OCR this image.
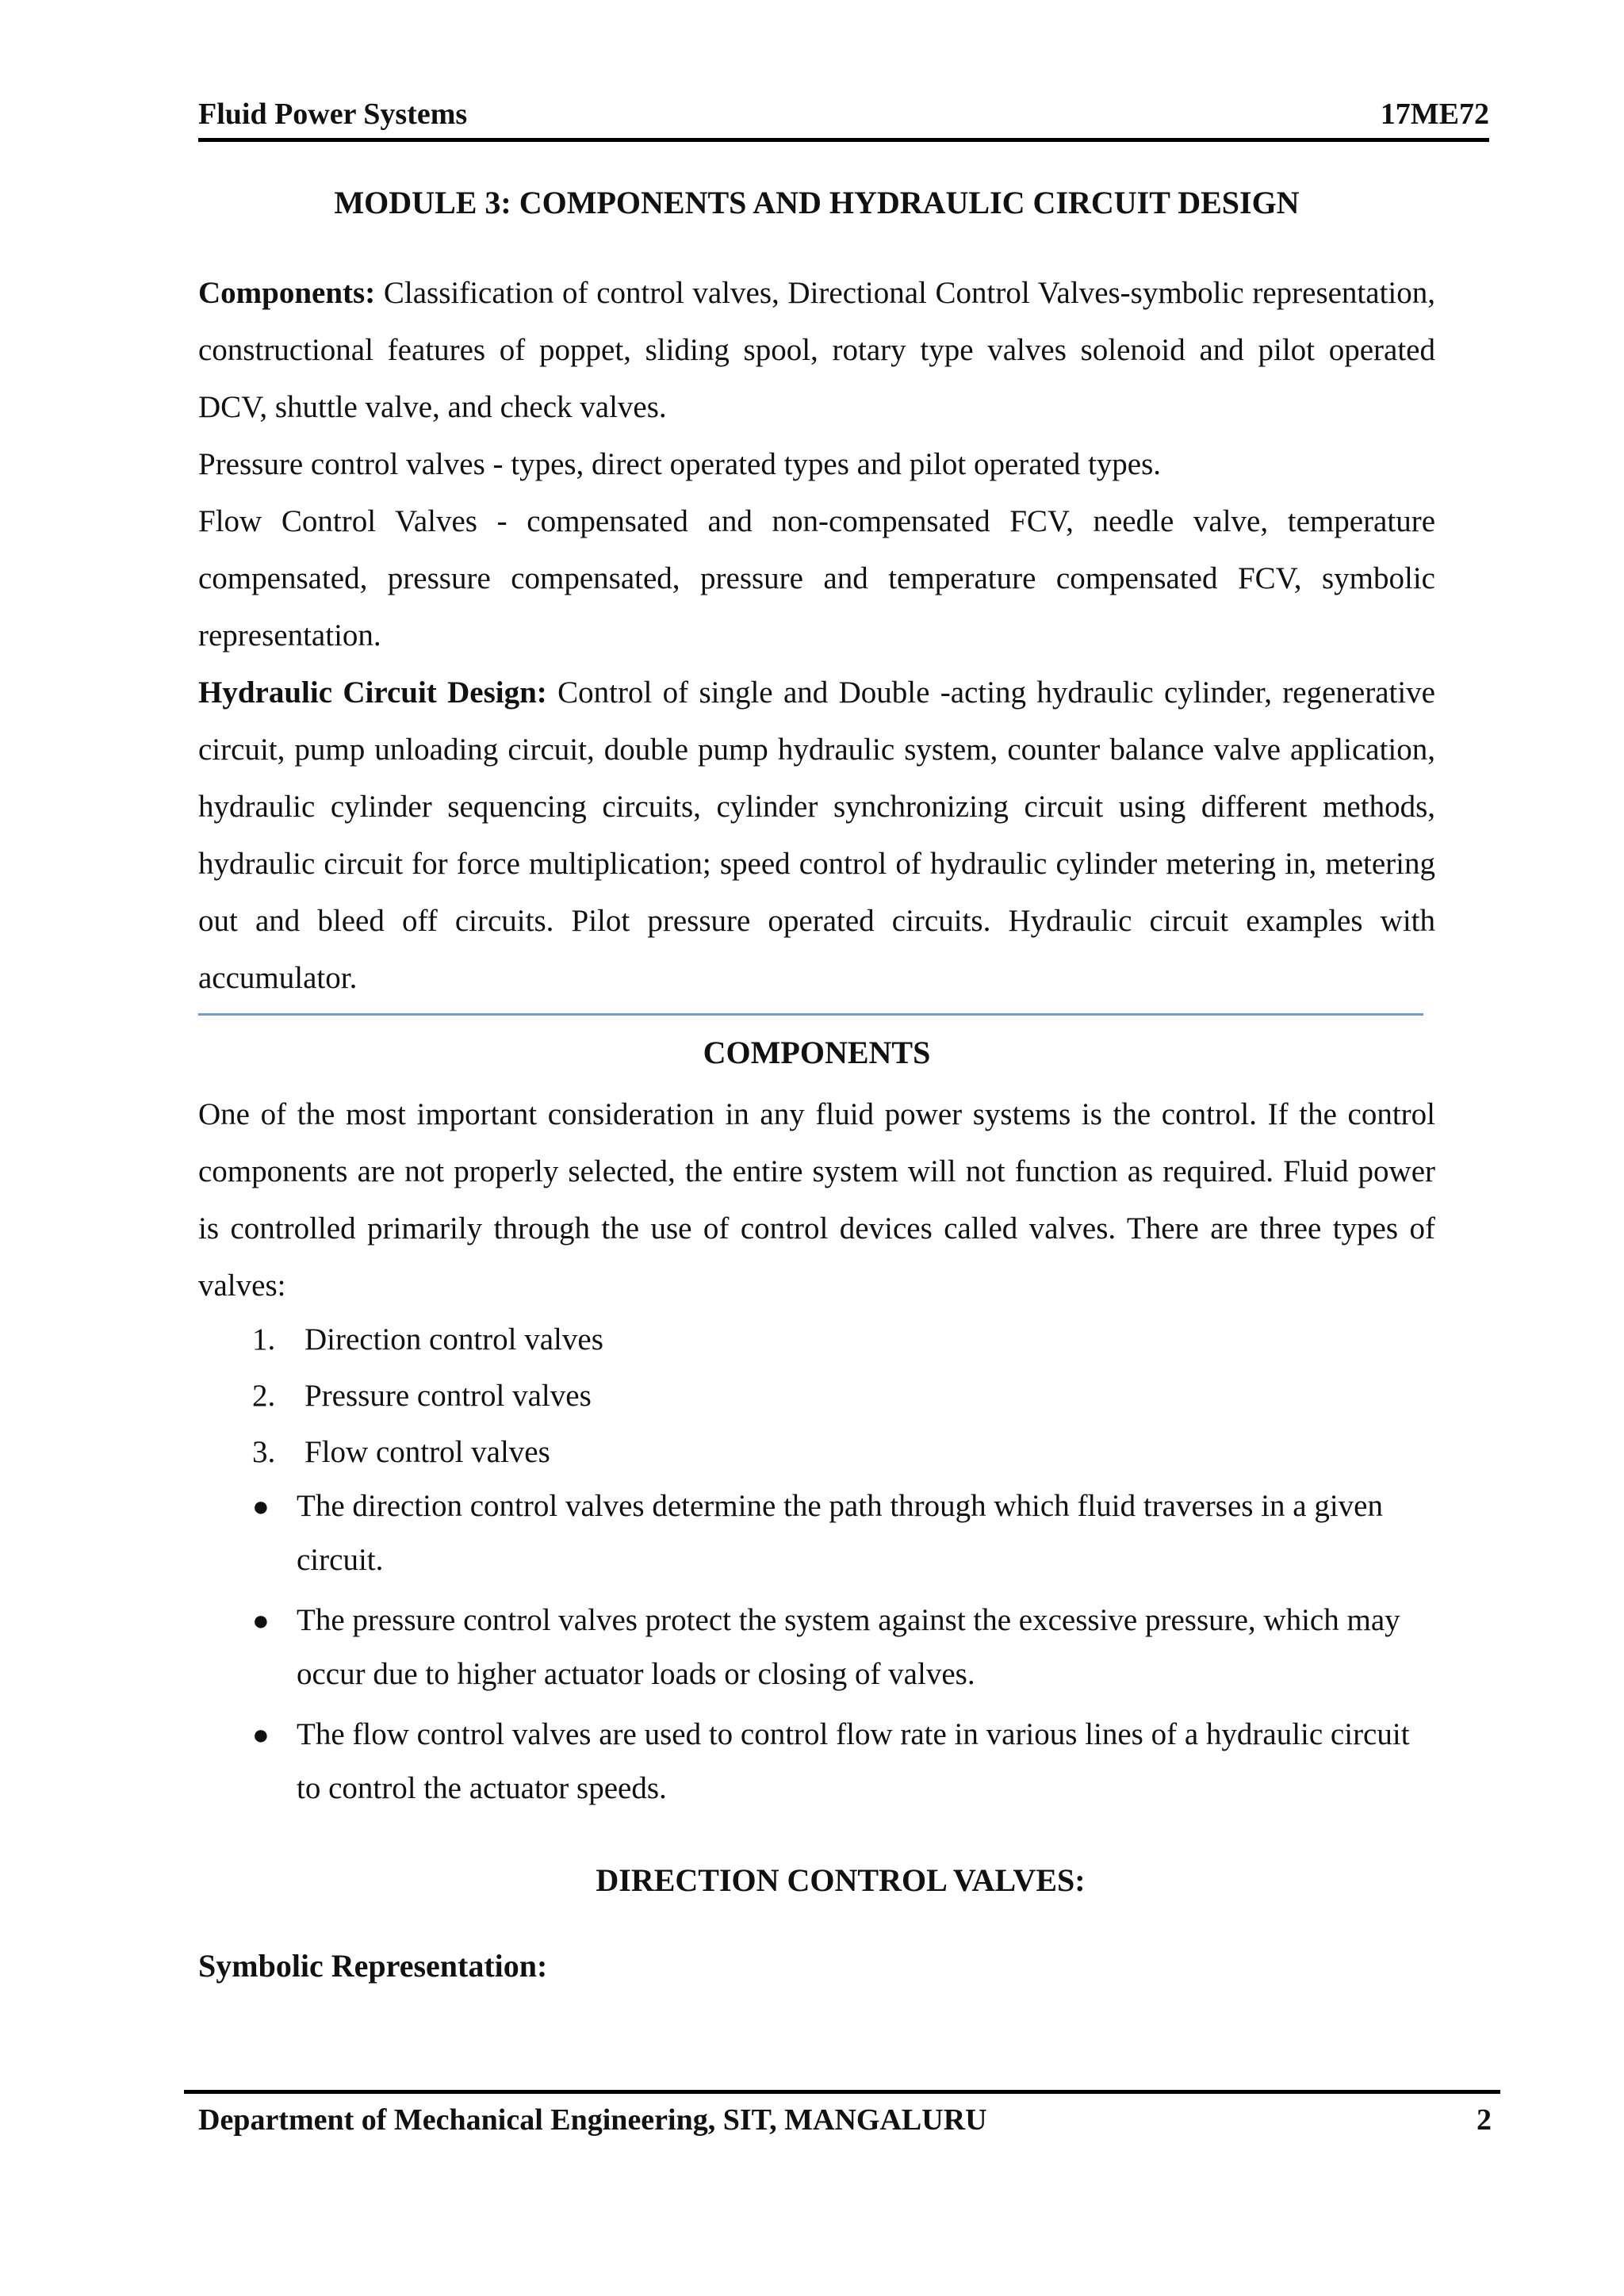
Fluid Power Systems	17ME72
MODULE 3: COMPONENTS AND HYDRAULIC CIRCUIT DESIGN

Components: Classification of control valves, Directional Control Valves-symbolic representation, constructional features of poppet, sliding spool, rotary type valves solenoid and pilot operated DCV, shuttle valve, and check valves.

Pressure control valves - types, direct operated types and pilot operated types.

Flow Control Valves - compensated and non-compensated FCV, needle valve, temperature compensated, pressure compensated, pressure and temperature compensated FCV, symbolic representation.

Hydraulic Circuit Design: Control of single and Double -acting hydraulic cylinder, regenerative circuit, pump unloading circuit, double pump hydraulic system, counter balance valve application, hydraulic cylinder sequencing circuits, cylinder synchronizing circuit using different methods, hydraulic circuit for force multiplication; speed control of hydraulic cylinder metering in, metering out and bleed off circuits. Pilot pressure operated circuits. Hydraulic circuit examples with accumulator.

COMPONENTS

One of the most important consideration in any fluid power systems is the control. If the control components are not properly selected, the entire system will not function as required. Fluid power is controlled primarily through the use of control devices called valves. There are three types of valves:

1. Direction control valves
2. Pressure control valves
3. Flow control valves
● The direction control valves determine the path through which fluid traverses in a given circuit.
● The pressure control valves protect the system against the excessive pressure, which may occur due to higher actuator loads or closing of valves.
● The flow control valves are used to control flow rate in various lines of a hydraulic circuit to control the actuator speeds.
DIRECTION CONTROL VALVES:
Symbolic Representation:
Department of Mechanical Engineering, SIT, MANGALURU	2
